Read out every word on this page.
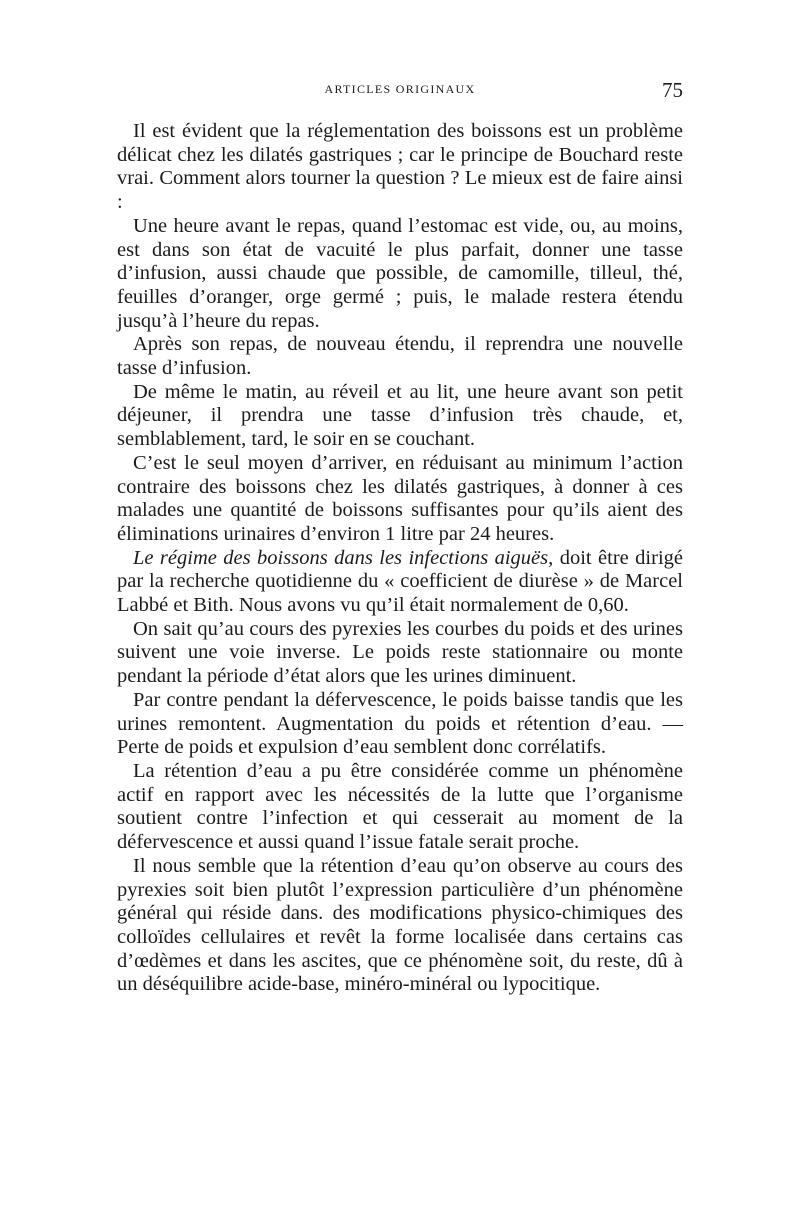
ARTICLES ORIGINAUX	75

Il est évident que la réglementation des boissons est un problème délicat chez les dilatés gastriques ; car le principe de Bouchard reste vrai. Comment alors tourner la question ? Le mieux est de faire ainsi :

Une heure avant le repas, quand l’estomac est vide, ou, au moins, est dans son état de vacuité le plus parfait, donner une tasse d’infusion, aussi chaude que possible, de camomille, tilleul, thé, feuilles d’oranger, orge germé ; puis, le malade restera étendu jusqu’à l’heure du repas.

Après son repas, de nouveau étendu, il reprendra une nouvelle tasse d’infusion.

De même le matin, au réveil et au lit, une heure avant son petit déjeuner, il prendra une tasse d’infusion très chaude, et, semblablement, tard, le soir en se couchant.

C’est le seul moyen d’arriver, en réduisant au minimum l’action contraire des boissons chez les dilatés gastriques, à donner à ces malades une quantité de boissons suffisantes pour qu’ils aient des éliminations urinaires d’environ 1 litre par 24 heures.

Le régime des boissons dans les infections aiguës, doit être dirigé par la recherche quotidienne du « coefficient de diurèse » de Marcel Labbé et Bith. Nous avons vu qu’il était normalement de 0,60.

On sait qu’au cours des pyrexies les courbes du poids et des urines suivent une voie inverse. Le poids reste stationnaire ou monte pendant la période d’état alors que les urines diminuent.

Par contre pendant la défervescence, le poids baisse tandis que les urines remontent. Augmentation du poids et rétention d’eau. — Perte de poids et expulsion d’eau semblent donc corrélatifs.

La rétention d’eau a pu être considérée comme un phénomène actif en rapport avec les nécessités de la lutte que l’organisme soutient contre l’infection et qui cesserait au moment de la défervescence et aussi quand l’issue fatale serait proche.

Il nous semble que la rétention d’eau qu’on observe au cours des pyrexies soit bien plutôt l’expression particulière d’un phénomène général qui réside dans. des modifications physico-chimiques des colloïdes cellulaires et revêt la forme localisée dans certains cas d’œdèmes et dans les ascites, que ce phénomène soit, du reste, dû à un déséquilibre acide-base, minéro-minéral ou lypocitique.
